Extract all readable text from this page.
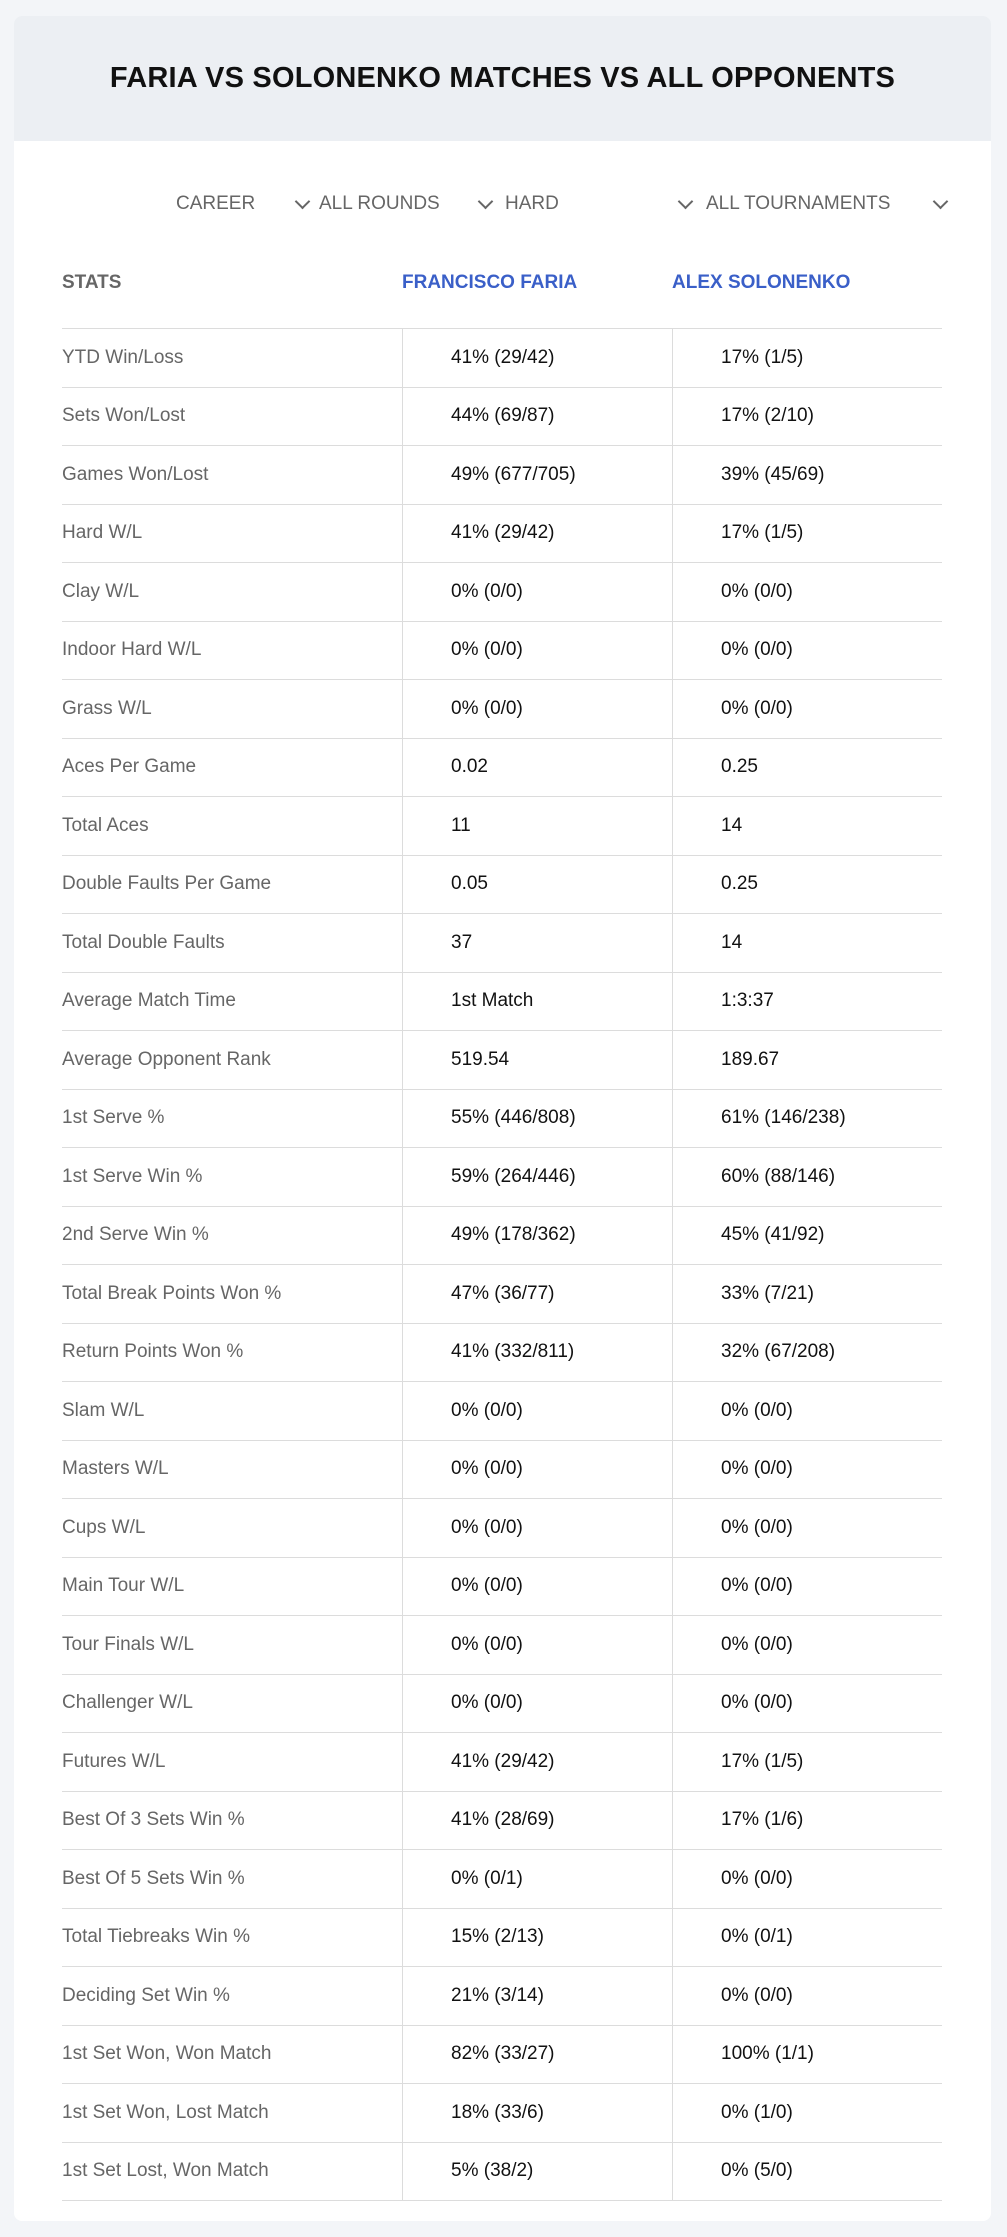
FARIA VS SOLONENKO MATCHES VS ALL OPPONENTS
CAREER	ALL ROUNDS	HARD	ALL TOURNAMENTS
STATS	FRANCISCO FARIA	ALEX SOLONENKO
YTD Win/Loss	41% (29/42)	17% (1/5)
Sets Won/Lost	44% (69/87)	17% (2/10)
Games Won/Lost	49% (677/705)	39% (45/69)
Hard W/L	41% (29/42)	17% (1/5)
Clay W/L	0% (0/0)	0% (0/0)
Indoor Hard W/L	0% (0/0)	0% (0/0)
Grass W/L	0% (0/0)	0% (0/0)
Aces Per Game	0.02	0.25
Total Aces	11	14
Double Faults Per Game	0.05	0.25
Total Double Faults	37	14
Average Match Time	1st Match	1:3:37
Average Opponent Rank	519.54	189.67
1st Serve %	55% (446/808)	61% (146/238)
1st Serve Win %	59% (264/446)	60% (88/146)
2nd Serve Win %	49% (178/362)	45% (41/92)
Total Break Points Won %	47% (36/77)	33% (7/21)
Return Points Won %	41% (332/811)	32% (67/208)
Slam W/L	0% (0/0)	0% (0/0)
Masters W/L	0% (0/0)	0% (0/0)
Cups W/L	0% (0/0)	0% (0/0)
Main Tour W/L	0% (0/0)	0% (0/0)
Tour Finals W/L	0% (0/0)	0% (0/0)
Challenger W/L	0% (0/0)	0% (0/0)
Futures W/L	41% (29/42)	17% (1/5)
Best Of 3 Sets Win %	41% (28/69)	17% (1/6)
Best Of 5 Sets Win %	0% (0/1)	0% (0/0)
Total Tiebreaks Win %	15% (2/13)	0% (0/1)
Deciding Set Win %	21% (3/14)	0% (0/0)
1st Set Won, Won Match	82% (33/27)	100% (1/1)
1st Set Won, Lost Match	18% (33/6)	0% (1/0)
1st Set Lost, Won Match	5% (38/2)	0% (5/0)
